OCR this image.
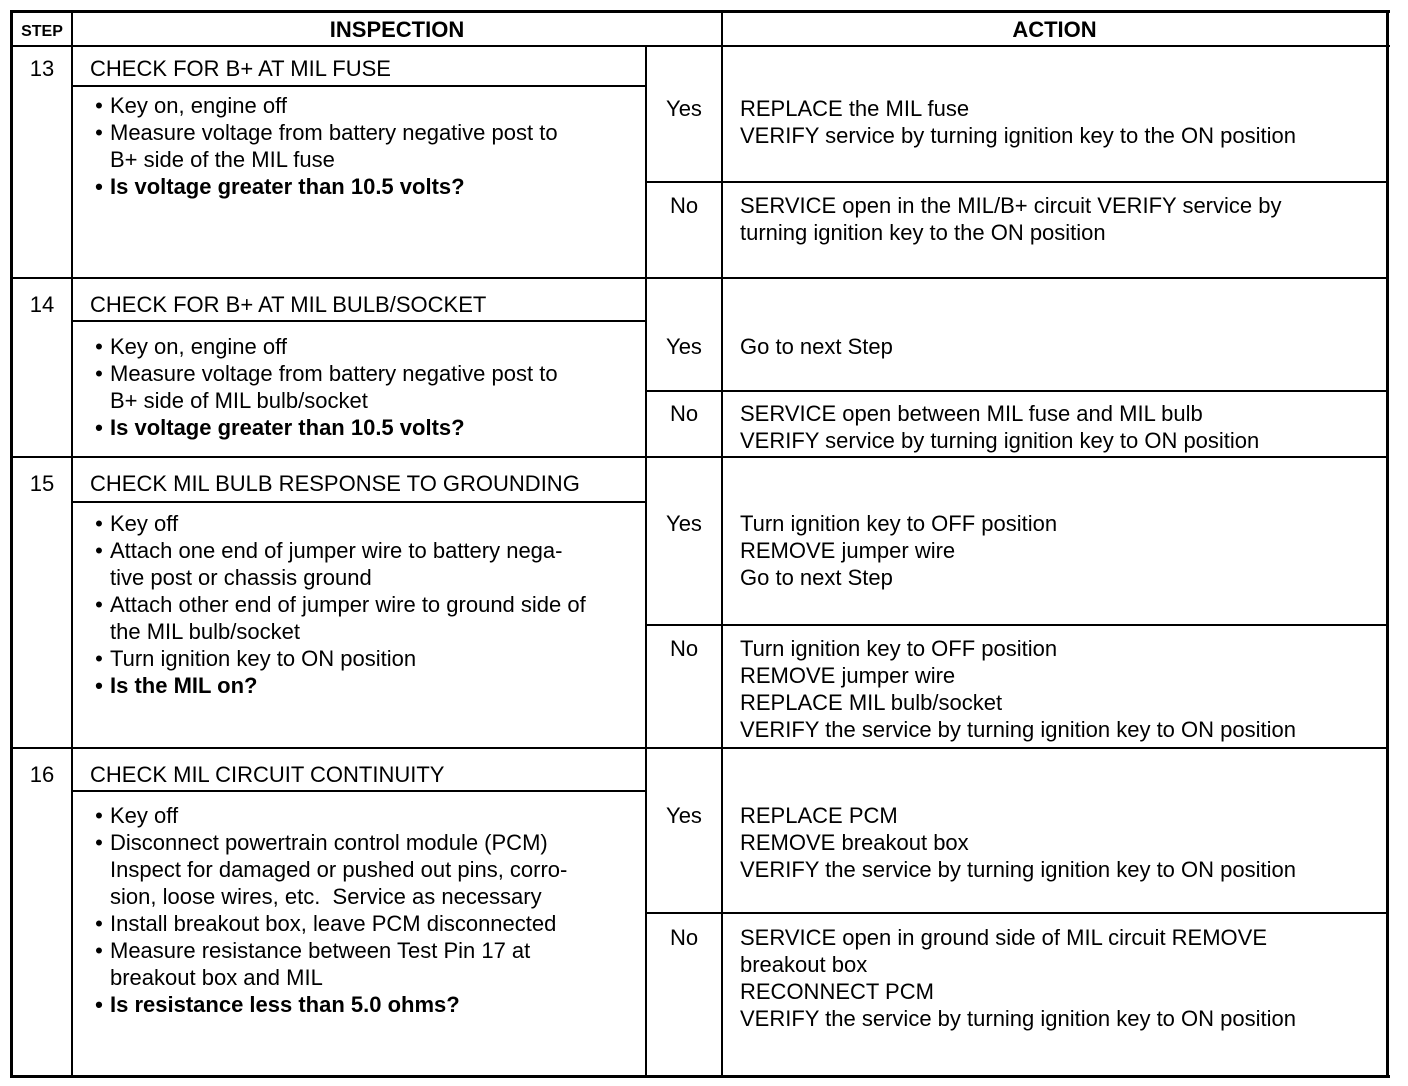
STEP	INSPECTION	ACTION
13	CHECK FOR B+ AT MIL FUSE
• Key on, engine off
• Measure voltage from battery negative post to
B+ side of the MIL fuse
• Is voltage greater than 10.5 volts?
Yes	REPLACE the MIL fuse
VERIFY service by turning ignition key to the ON position
No	SERVICE open in the MIL/B+ circuit VERIFY service by
turning ignition key to the ON position
14	CHECK FOR B+ AT MIL BULB/SOCKET
• Key on, engine off
• Measure voltage from battery negative post to
B+ side of MIL bulb/socket
• Is voltage greater than 10.5 volts?
Yes	Go to next Step
No	SERVICE open between MIL fuse and MIL bulb
VERIFY service by turning ignition key to ON position
15	CHECK MIL BULB RESPONSE TO GROUNDING
• Key off
• Attach one end of jumper wire to battery nega-
tive post or chassis ground
• Attach other end of jumper wire to ground side of
the MIL bulb/socket
• Turn ignition key to ON position
• Is the MIL on?
Yes	Turn ignition key to OFF position
REMOVE jumper wire
Go to next Step
No	Turn ignition key to OFF position
REMOVE jumper wire
REPLACE MIL bulb/socket
VERIFY the service by turning ignition key to ON position
16	CHECK MIL CIRCUIT CONTINUITY
• Key off
• Disconnect powertrain control module (PCM)
Inspect for damaged or pushed out pins, corro-
sion, loose wires, etc.  Service as necessary
• Install breakout box, leave PCM disconnected
• Measure resistance between Test Pin 17 at
breakout box and MIL
• Is resistance less than 5.0 ohms?
Yes	REPLACE PCM
REMOVE breakout box
VERIFY the service by turning ignition key to ON position
No	SERVICE open in ground side of MIL circuit REMOVE
breakout box
RECONNECT PCM
VERIFY the service by turning ignition key to ON position
